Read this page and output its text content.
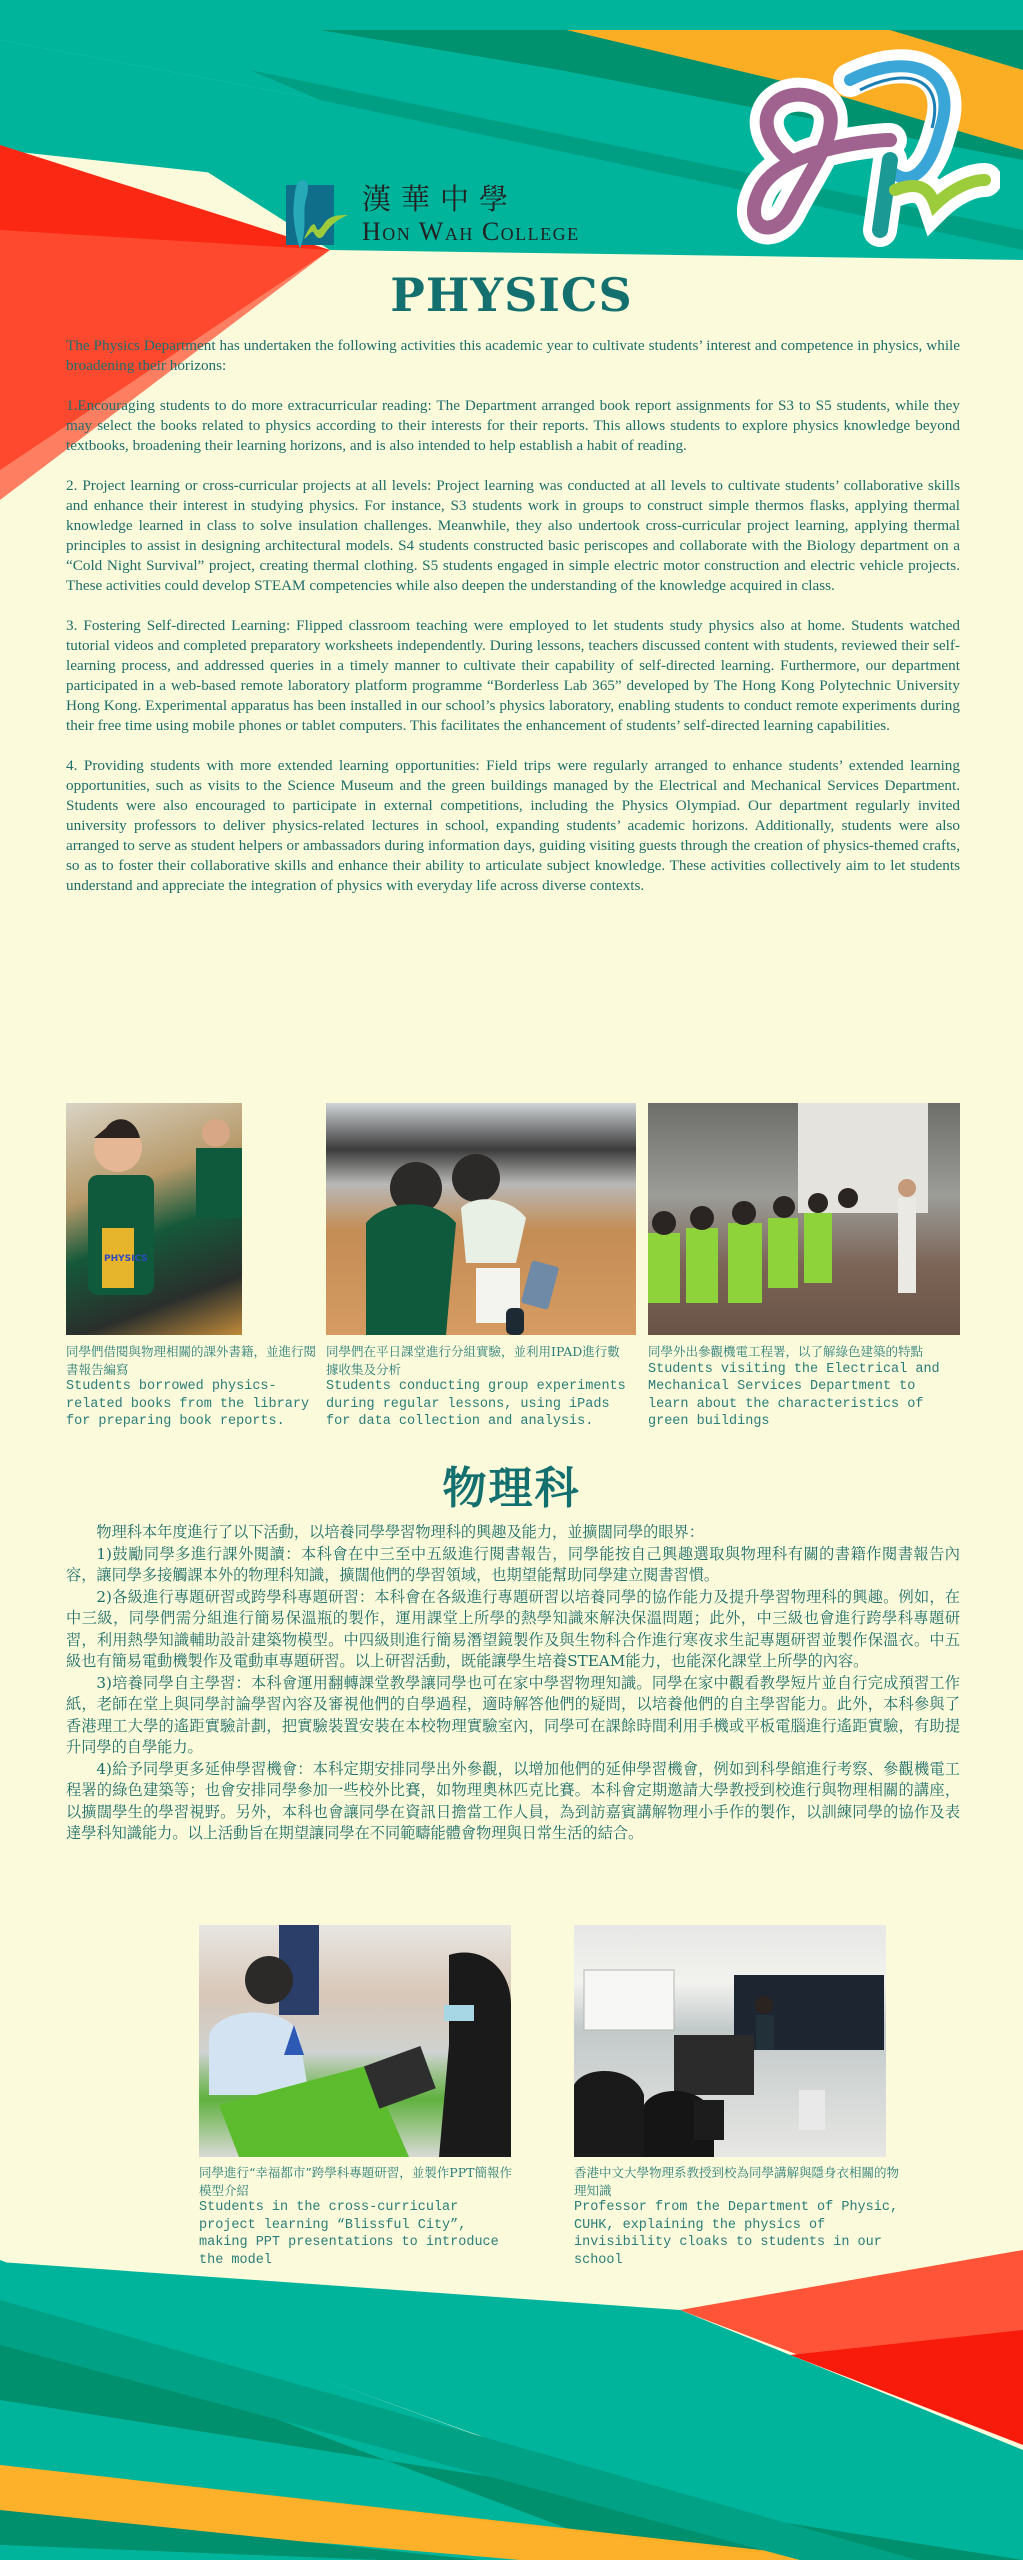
漢華中學
Hon Wah College
PHYSICS

The Physics Department has undertaken the following activities this academic year to cultivate students’ interest and competence in physics, while broadening their horizons:

1.Encouraging students to do more extracurricular reading: The Department arranged book report assignments for S3 to S5 students, while they may select the books related to physics according to their interests for their reports. This allows students to explore physics knowledge beyond textbooks, broadening their learning horizons, and is also intended to help establish a habit of reading.

2. Project learning or cross-curricular projects at all levels: Project learning was conducted at all levels to cultivate students’ collaborative skills and enhance their interest in studying physics. For instance, S3 students work in groups to construct simple thermos flasks, applying thermal knowledge learned in class to solve insulation challenges. Meanwhile, they also undertook cross-curricular project learning, applying thermal principles to assist in designing architectural models. S4 students constructed basic periscopes and collaborate with the Biology department on a “Cold Night Survival” project, creating thermal clothing. S5 students engaged in simple electric motor construction and electric vehicle projects. These activities could develop STEAM competencies while also deepen the understanding of the knowledge acquired in class.

3. Fostering Self-directed Learning: Flipped classroom teaching were employed to let students study physics also at home. Students watched tutorial videos and completed preparatory worksheets independently. During lessons, teachers discussed content with students, reviewed their self-learning process, and addressed queries in a timely manner to cultivate their capability of self-directed learning. Furthermore, our department participated in a web-based remote laboratory platform programme “Borderless Lab 365” developed by The Hong Kong Polytechnic University Hong Kong. Experimental apparatus has been installed in our school’s physics laboratory, enabling students to conduct remote experiments during their free time using mobile phones or tablet computers. This facilitates the enhancement of students’ self-directed learning capabilities.

4. Providing students with more extended learning opportunities: Field trips were regularly arranged to enhance students’ extended learning opportunities, such as visits to the Science Museum and the green buildings managed by the Electrical and Mechanical Services Department. Students were also encouraged to participate in external competitions, including the Physics Olympiad. Our department regularly invited university professors to deliver physics-related lectures in school, expanding students’ academic horizons. Additionally, students were also arranged to serve as student helpers or ambassadors during information days, guiding visiting guests through the creation of physics-themed crafts, so as to foster their collaborative skills and enhance their ability to articulate subject knowledge. These activities collectively aim to let students understand and appreciate the integration of physics with everyday life across diverse contexts.

PHYSICS
同學們借閱與物理相關的課外書籍，並進行閱書報告編寫
Students borrowed physics-related books from the library for preparing book reports.
同學們在平日課堂進行分組實驗，並利用IPAD進行數據收集及分析
Students conducting group experiments during regular lessons, using iPads for data collection and analysis.
同學外出參觀機電工程署，以了解綠色建築的特點
Students visiting the Electrical and Mechanical Services Department to learn about the characteristics of green buildings
物理科

物理科本年度進行了以下活動，以培養同學學習物理科的興趣及能力，並擴闊同學的眼界：

1)鼓勵同學多進行課外閱讀：本科會在中三至中五級進行閱書報告，同學能按自己興趣選取與物理科有關的書籍作閱書報告內容，讓同學多接觸課本外的物理科知識，擴闊他們的學習領域，也期望能幫助同學建立閱書習慣。

2)各級進行專題研習或跨學科專題研習：本科會在各級進行專題研習以培養同學的協作能力及提升學習物理科的興趣。例如，在中三級，同學們需分組進行簡易保溫瓶的製作，運用課堂上所學的熱學知識來解決保溫問題；此外，中三級也會進行跨學科專題研習，利用熱學知識輔助設計建築物模型。中四級則進行簡易潛望鏡製作及與生物科合作進行寒夜求生記專題研習並製作保溫衣。中五級也有簡易電動機製作及電動車專題研習。以上研習活動，既能讓學生培養STEAM能力，也能深化課堂上所學的內容。

3)培養同學自主學習：本科會運用翻轉課堂教學讓同學也可在家中學習物理知識。同學在家中觀看教學短片並自行完成預習工作紙，老師在堂上與同學討論學習內容及審視他們的自學過程，適時解答他們的疑問，以培養他們的自主學習能力。此外，本科參與了香港理工大學的遙距實驗計劃，把實驗裝置安裝在本校物理實驗室內，同學可在課餘時間利用手機或平板電腦進行遙距實驗，有助提升同學的自學能力。

4)給予同學更多延伸學習機會：本科定期安排同學出外參觀，以增加他們的延伸學習機會，例如到科學館進行考察、參觀機電工程署的綠色建築等；也會安排同學參加一些校外比賽，如物理奧林匹克比賽。本科會定期邀請大學教授到校進行與物理相關的講座，以擴闊學生的學習視野。另外，本科也會讓同學在資訊日擔當工作人員，為到訪嘉賓講解物理小手作的製作，以訓練同學的協作及表達學科知識能力。以上活動旨在期望讓同學在不同範疇能體會物理與日常生活的結合。

同學進行“幸福都市”跨學科專題研習，並製作PPT簡報作模型介紹
Students in the cross-curricular project learning “Blissful City”, making PPT presentations to introduce the model
香港中文大學物理系教授到校為同學講解與隱身衣相關的物理知識
Professor from the Department of Physic, CUHK, explaining the physics of invisibility cloaks to students in our school
